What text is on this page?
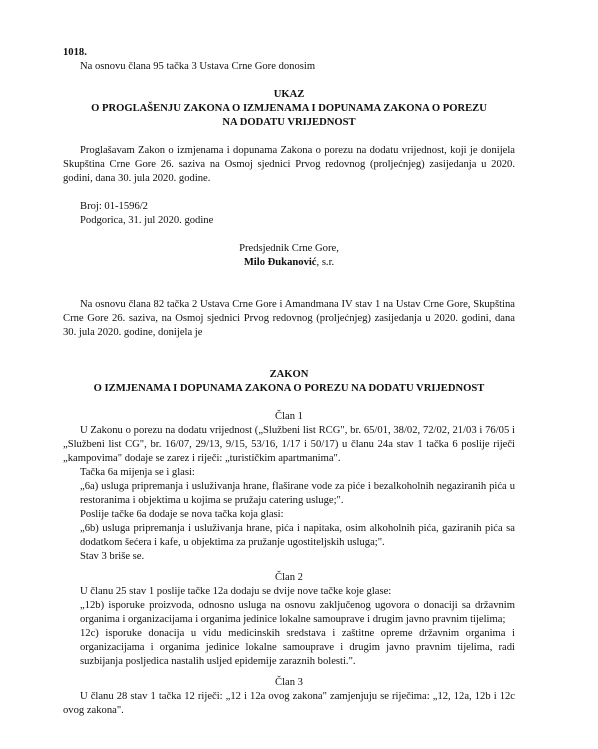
1018.

Na osnovu člana 95 tačka 3 Ustava Crne Gore donosim

UKAZ

O PROGLAŠENJU ZAKONA O IZMJENAMA I DOPUNAMA ZAKONA O POREZU

NA DODATU VRIJEDNOST

Proglašavam Zakon o izmjenama i dopunama Zakona o porezu na dodatu vrijednost, koji je donijela Skupština Crne Gore 26. saziva na Osmoj sjednici Prvog redovnog (proljećnjeg) zasijedanja u 2020. godini, dana 30. jula 2020. godine.

Broj: 01-1596/2

Podgorica, 31. jul 2020. godine

Predsjednik Crne Gore,

Milo Đukanović, s.r.

Na osnovu člana 82 tačka 2 Ustava Crne Gore i Amandmana IV stav 1 na Ustav Crne Gore, Skupština Crne Gore 26. saziva, na Osmoj sjednici Prvog redovnog (proljećnjeg) zasijedanja u 2020. godini, dana 30. jula 2020. godine, donijela je

ZAKON

O IZMJENAMA I DOPUNAMA ZAKONA O POREZU NA DODATU VRIJEDNOST

Član 1

U Zakonu o porezu na dodatu vrijednost („Službeni list RCG", br. 65/01, 38/02, 72/02, 21/03 i 76/05 i „Službeni list CG", br. 16/07, 29/13, 9/15, 53/16, 1/17 i 50/17) u članu 24a stav 1 tačka 6 poslije riječi „kampovima" dodaje se zarez i riječi: „turističkim apartmanima".

Tačka 6a mijenja se i glasi:

„6a) usluga pripremanja i usluživanja hrane, flaširane vode za piće i bezalkoholnih negaziranih pića u restoranima i objektima u kojima se pružaju catering usluge;".

Poslije tačke 6a dodaje se nova tačka koja glasi:

„6b) usluga pripremanja i usluživanja hrane, pića i napitaka, osim alkoholnih pića, gaziranih pića sa dodatkom šećera i kafe, u objektima za pružanje ugostiteljskih usluga;".

Stav 3 briše se.

Član 2

U članu 25 stav 1 poslije tačke 12a dodaju se dvije nove tačke koje glase:

„12b) isporuke proizvoda, odnosno usluga na osnovu zaključenog ugovora o donaciji sa državnim organima i organizacijama i organima jedinice lokalne samouprave i drugim javno pravnim tijelima;

12c) isporuke donacija u vidu medicinskih sredstava i zaštitne opreme državnim organima i organizacijama i organima jedinice lokalne samouprave i drugim javno pravnim tijelima, radi suzbijanja posljedica nastalih usljed epidemije zaraznih bolesti.".

Član 3

U članu 28 stav 1 tačka 12 riječi: „12 i 12a ovog zakona" zamjenjuju se riječima: „12, 12a, 12b i 12c ovog zakona".
